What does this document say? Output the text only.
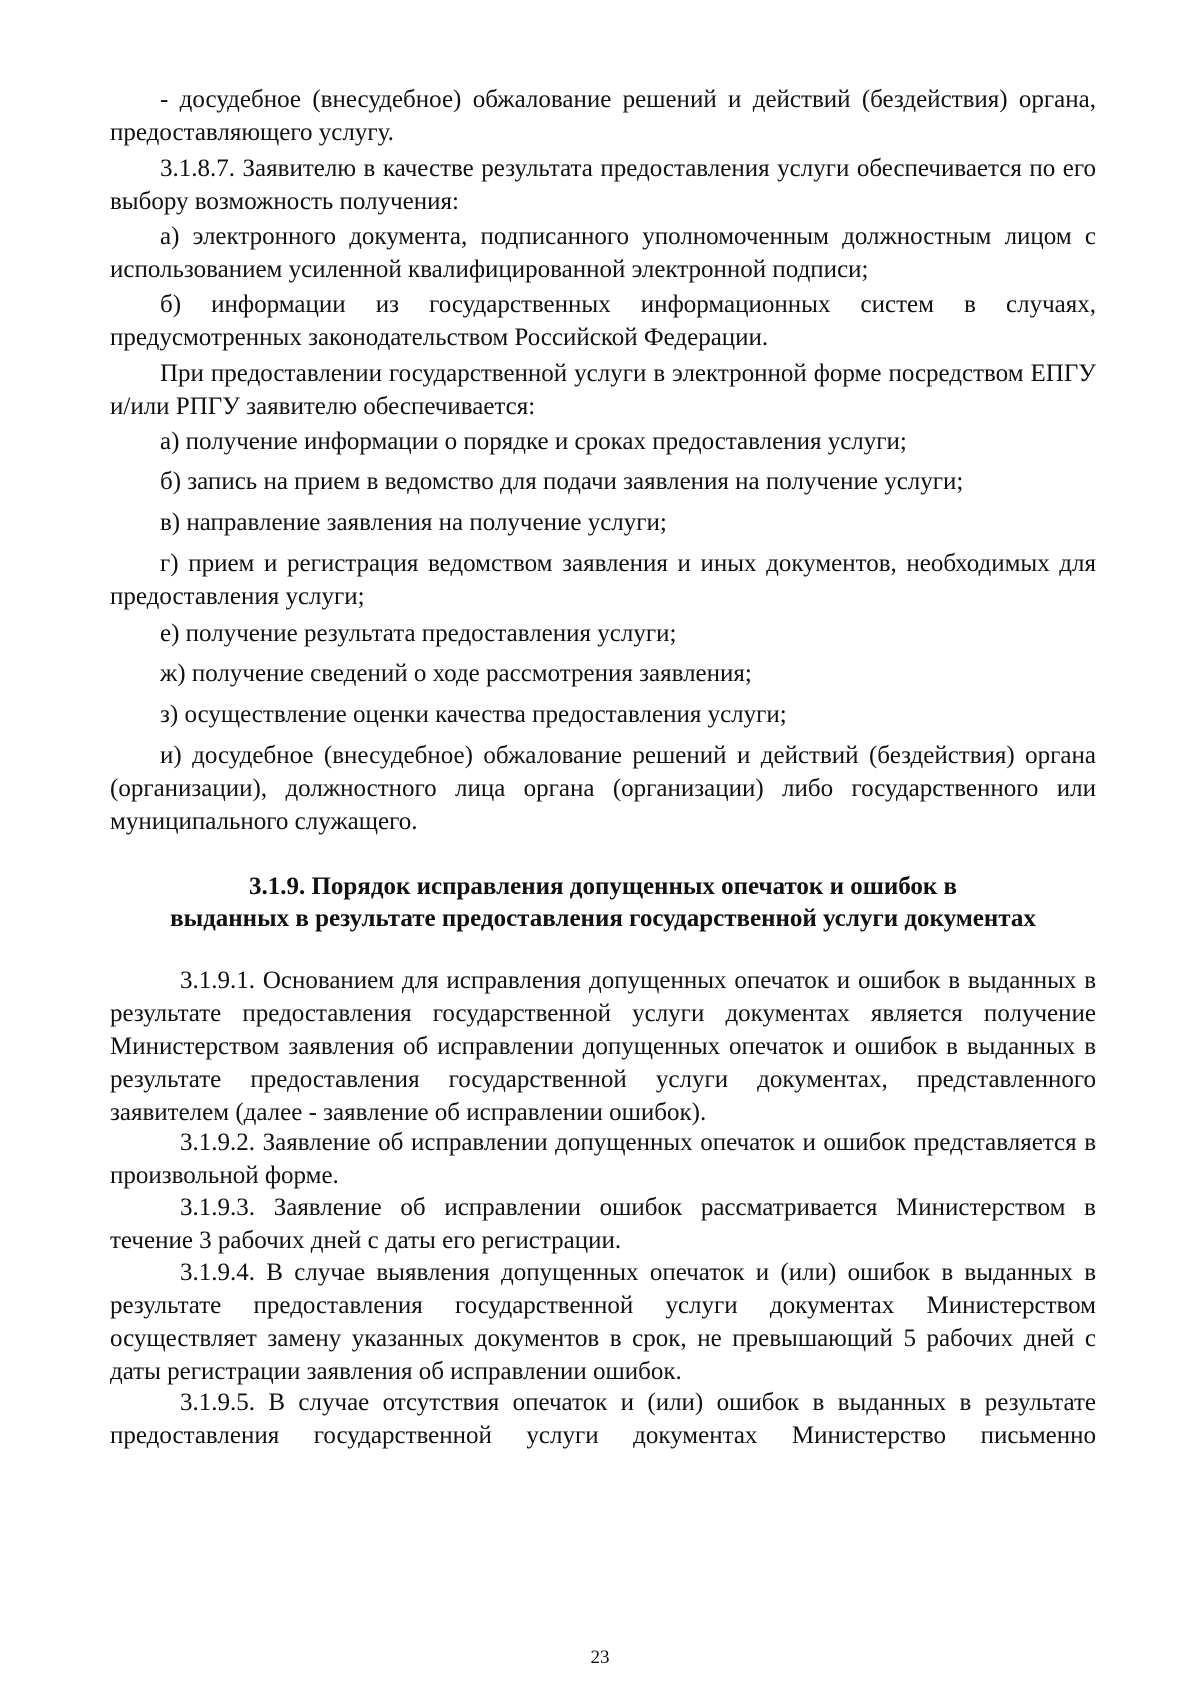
- досудебное (внесудебное) обжалование решений и действий (бездействия) органа, предоставляющего услугу.

3.1.8.7. Заявителю в качестве результата предоставления услуги обеспечивается по его выбору возможность получения:

а) электронного документа, подписанного уполномоченным должностным лицом с использованием усиленной квалифицированной электронной подписи;

б) информации из государственных информационных систем в случаях, предусмотренных законодательством Российской Федерации.

При предоставлении государственной услуги в электронной форме посредством ЕПГУ и/или РПГУ заявителю обеспечивается:

а) получение информации о порядке и сроках предоставления услуги;

б) запись на прием в ведомство для подачи заявления на получение услуги;

в) направление заявления на получение услуги;

г) прием и регистрация ведомством заявления и иных документов, необходимых для предоставления услуги;

е) получение результата предоставления услуги;

ж) получение сведений о ходе рассмотрения заявления;

з) осуществление оценки качества предоставления услуги;

и) досудебное (внесудебное) обжалование решений и действий (бездействия) органа (организации), должностного лица органа (организации) либо государственного или муниципального служащего.

3.1.9. Порядок исправления допущенных опечаток и ошибок в

выданных в результате предоставления государственной услуги документах

3.1.9.1. Основанием для исправления допущенных опечаток и ошибок в выданных в результате предоставления государственной услуги документах является получение Министерством заявления об исправлении допущенных опечаток и ошибок в выданных в результате предоставления государственной услуги документах, представленного заявителем (далее - заявление об исправлении ошибок).

3.1.9.2. Заявление об исправлении допущенных опечаток и ошибок представляется в произвольной форме.

3.1.9.3. Заявление об исправлении ошибок рассматривается Министерством в течение 3 рабочих дней с даты его регистрации.

3.1.9.4. В случае выявления допущенных опечаток и (или) ошибок в выданных в результате предоставления государственной услуги документах Министерством осуществляет замену указанных документов в срок, не превышающий 5 рабочих дней с даты регистрации заявления об исправлении ошибок.

3.1.9.5. В случае отсутствия опечаток и (или) ошибок в выданных в результате предоставления государственной услуги документах Министерство письменно

23
